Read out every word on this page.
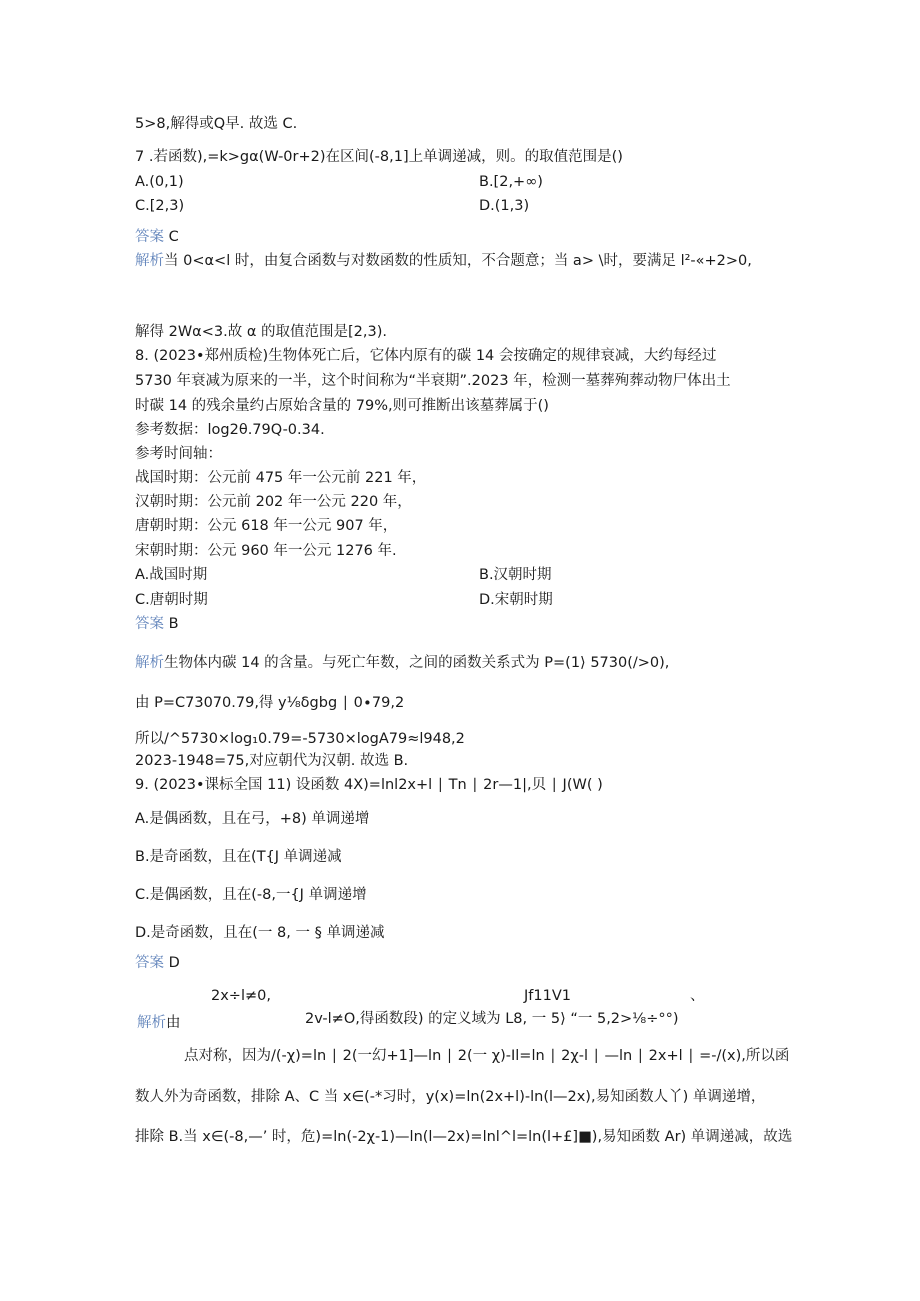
5>8,解得或Q早. 故选 C.
7 .若函数),=k>gα(W-0r+2)在区间(-8,1]上单调递减，则。的取值范围是()
A.(0,1)	B.[2,+∞)
C.[2,3)	D.(1,3)
答案 C
解析当 0<α<l 时，由复合函数与对数函数的性质知，不合题意；当 a> \时，要满足 l²-«+2>0,
解得 2Wα<3.故 α 的取值范围是[2,3).
8. (2023•郑州质检)生物体死亡后，它体内原有的碳 14 会按确定的规律衰减，大约每经过
5730 年衰减为原来的一半，这个时间称为“半衰期”.2023 年，检测一墓葬殉葬动物尸体出土
时碳 14 的残余量约占原始含量的 79%,则可推断出该墓葬属于()
参考数据：log2θ.79Q-0.34.
参考时间轴：
战国时期：公元前 475 年一公元前 221 年，
汉朝时期：公元前 202 年一公元 220 年，
唐朝时期：公元 618 年一公元 907 年，
宋朝时期：公元 960 年一公元 1276 年.
A.战国时期	B.汉朝时期
C.唐朝时期	D.宋朝时期
答案 B
解析生物体内碳 14 的含量。与死亡年数，之间的函数关系式为 P=(1⟩ 5730(/>0),
由 P=C73070.79,得 y⅛δgbg ∣ 0∙79,2
所以/^5730×log₁0.79=-5730×logA79≈l948,2
2023-1948=75,对应朝代为汉朝. 故选 B.
9. (2023•课标全国 11) 设函数 4X)=lnl2x+l ∣ Tn ∣ 2r—1|,贝 ∣ J(W( )
A.是偶函数，且在弓，+8) 单调递增
B.是奇函数，且在(T{J 单调递减
C.是偶函数，且在(-8,一{J 单调递增
D.是奇函数，且在(一 8, 一 § 单调递减
答案 D
2x÷l≠0,	Jf11V1	、
解析由	2v-l≠O,得函数段) 的定义域为 L8, 一 5⟩ “一 5,2>⅛÷°°)
点对称，因为∕(-χ)=ln ∣ 2(一幻+1]—ln ∣ 2(一 χ)-Il=ln ∣ 2χ-l ∣ —ln ∣ 2x+l ∣ =-∕(x),所以函
数人外为奇函数，排除 A、C 当 x∈(-*习时，y(x)=ln(2x+l)-ln(l—2x),易知函数人丫) 单调递增，
排除 B.当 x∈(-8,—’ 时，危)=ln(-2χ-1)—ln(l—2x)=lnl^l=ln(l+£]■),易知函数 Ar) 单调递减，故选
